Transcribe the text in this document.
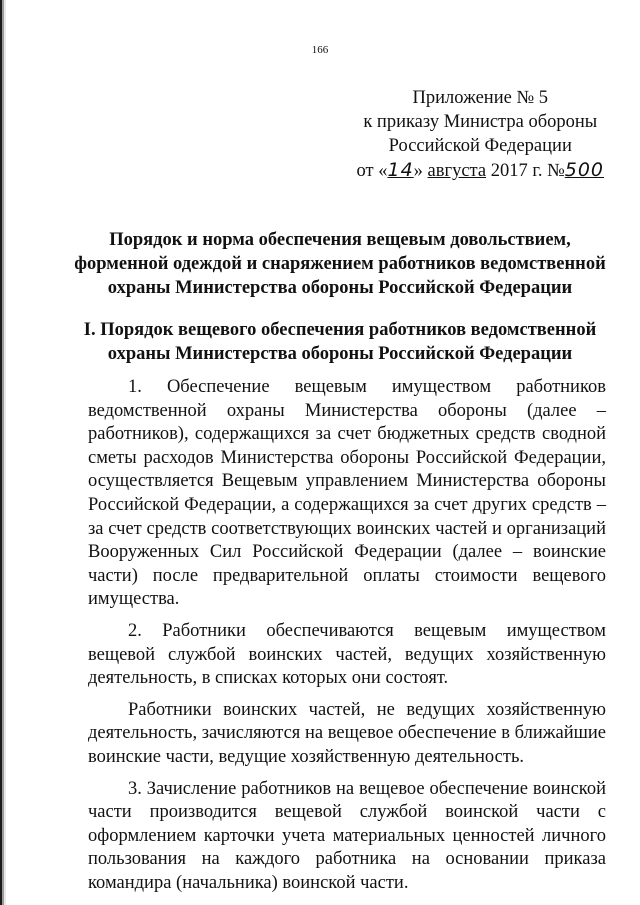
166
Приложение № 5
к приказу Министра обороны
Российской Федерации
от «14» августа 2017 г. №500
Порядок и норма обеспечения вещевым довольствием, форменной одеждой и снаряжением работников ведомственной охраны Министерства обороны Российской Федерации
I. Порядок вещевого обеспечения работников ведомственной охраны Министерства обороны Российской Федерации

1. Обеспечение вещевым имуществом работников ведомственной охраны Министерства обороны (далее – работников), содержащихся за счет бюджетных средств сводной сметы расходов Министерства обороны Российской Федерации, осуществляется Вещевым управлением Министерства обороны Российской Федерации, а содержащихся за счет других средств – за счет средств соответствующих воинских частей и организаций Вооруженных Сил Российской Федерации (далее – воинские части) после предварительной оплаты стоимости вещевого имущества.

2. Работники обеспечиваются вещевым имуществом вещевой службой воинских частей, ведущих хозяйственную деятельность, в списках которых они состоят.

Работники воинских частей, не ведущих хозяйственную деятельность, зачисляются на вещевое обеспечение в ближайшие воинские части, ведущие хозяйственную деятельность.

3. Зачисление работников на вещевое обеспечение воинской части производится вещевой службой воинской части с оформлением карточки учета материальных ценностей личного пользования на каждого работника на основании приказа командира (начальника) воинской части.
